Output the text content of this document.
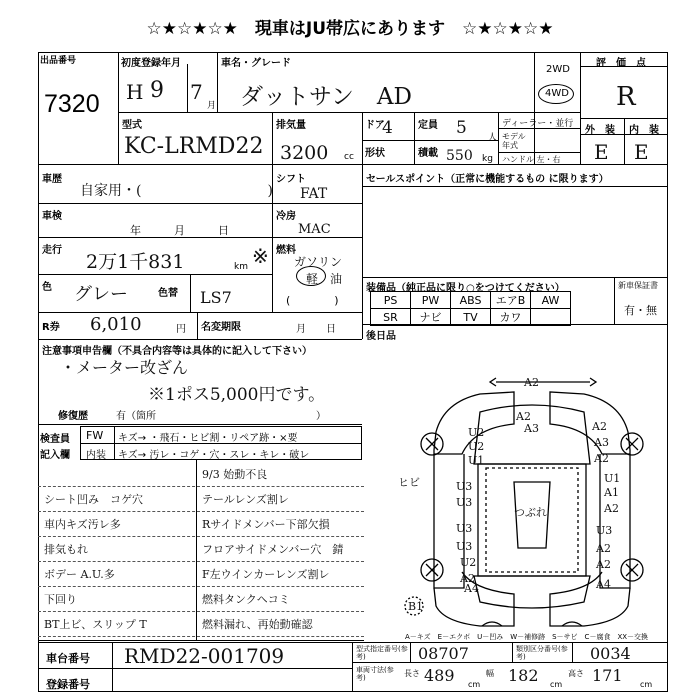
☆★☆★☆★　現車はJU帯広にあります　☆★☆★☆★
出品番号
7320
初度登録年月
H 9 7
月
車名・グレード
ダットサン　AD
2WD
4WD
評　価　点
R
型式
KC-LRMD22
排気量
3200 cc
ドア
4	定員 5 人
形状	積載 550 kg
ディーラー・並行
モデル年式
ハンドル 左・右
外　装 内　装
E E
車歴
自家用・(　　　　　　　　　)
シフト
FAT
セールスポイント（正常に機能するもの に限ります）
車検
年　　　月　　　日
冷房
MAC
走行
2万1千831	km ※ 燃料
ガソリン
軽　油
(　　　　)
色 グレー	色替 LS7
R券 6,010	円 名変期限	月　　日
装備品（純正品に限り○をつけてください）	新車保証書
有・無
PS	PW	ABS	エアB	AW
SR	ナビ	TV	カワ	
後日品
注意事項申告欄（不具合内容等は具体的に記入して下さい）
・メーター改ざん
※1ポス5,000円です。
修復歴	有（箇所　　　　　　　　　　　　　　　　）
検査員
記入欄
FW キズ→ ・飛石・ヒビ割・リペア跡・×要
内装 キズ→ 汚レ・コゲ・穴・スレ・キレ・破レ
9/3 始動不良
シート凹み　コゲ穴	テールレンズ割レ
車内キズ汚レ多	Rサイドメンバー下部欠損
排気もれ	フロアサイドメンバー穴　錆
ボデー A.U.多	F左ウインカーレンズ割レ
下回り	燃料タンクヘコミ
BT上ビ、スリップ T	燃料漏れ、再始動確認
A2
A3	A2
U2
A2
A3
U2
A2
U1
U1
U3	A1
U3	A2
U3
つぶれ
U3
U3
A2
U2	A2
A2
A4	A4
B1
ヒビ
A－キズ　E－エクボ　U－凹み　W－補修跡　S－サビ　C－腐食　XX－交換
車台番号 RMD22-001709
登録番号
型式指定番号(参考)	08707	類別区分番号(参考)	0034
車両寸法(参考)	長さ 489 cm
幅 182 cm
高さ 171 cm
